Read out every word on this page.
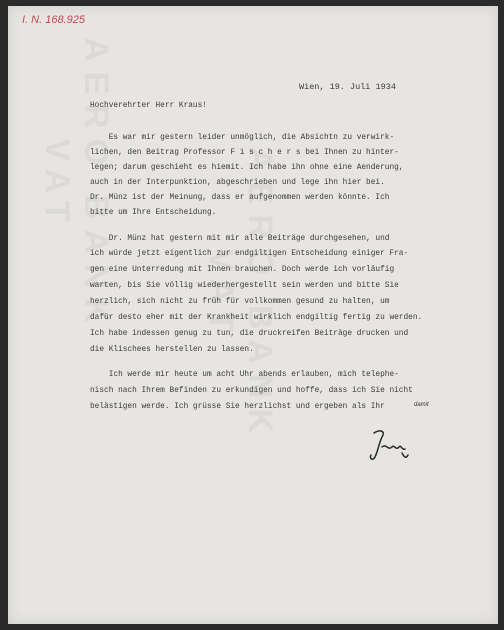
AERO BANK VAT	AERO BANK VAT
I. N. 168.925
Wien, 19. Juli 1934
Hochverehrter Herr Kraus!
Es war mir gestern leider unmöglich, die Absichtn zu verwirk-
lichen, den Beitrag Professor F i s c h e r s bei Ihnen zu hinter-
legen; darum geschieht es hiemit. Ich habe ihn ohne eine Aenderung,
auch in der Interpunktion, abgeschrieben und lege ihn hier bei.
Dr. Münz ist der Meinung, dass er aufgenommen werden könnte. Ich
bitte um Ihre Entscheidung.
Dr. Münz hat gestern mit mir alle Beiträge durchgesehen, und
ich würde jetzt eigentlich zur endgiltigen Entscheidung einiger Fra-
gen eine Unterredung mit Ihnen brauchen. Doch werde ich vorläufig
warten, bis Sie völlig wiederhergestellt sein werden und bitte Sie
herzlich, sich nicht zu früh für vollkommen gesund zu halten, um
dafür desto eher mit der Krankheit wirklich endgiltig fertig zu werden.
Ich habe indessen genug zu tun, die druckreifen Beiträge drucken und
die Klischees herstellen zu lassen.
Ich werde mir heute um acht Uhr abends erlauben, mich telephe-
nisch nach Ihrem Befinden zu erkundigen und hoffe, dass ich Sie nicht
belästigen werde. Ich grüsse Sie herzlichst und ergeben als Ihr	damit
